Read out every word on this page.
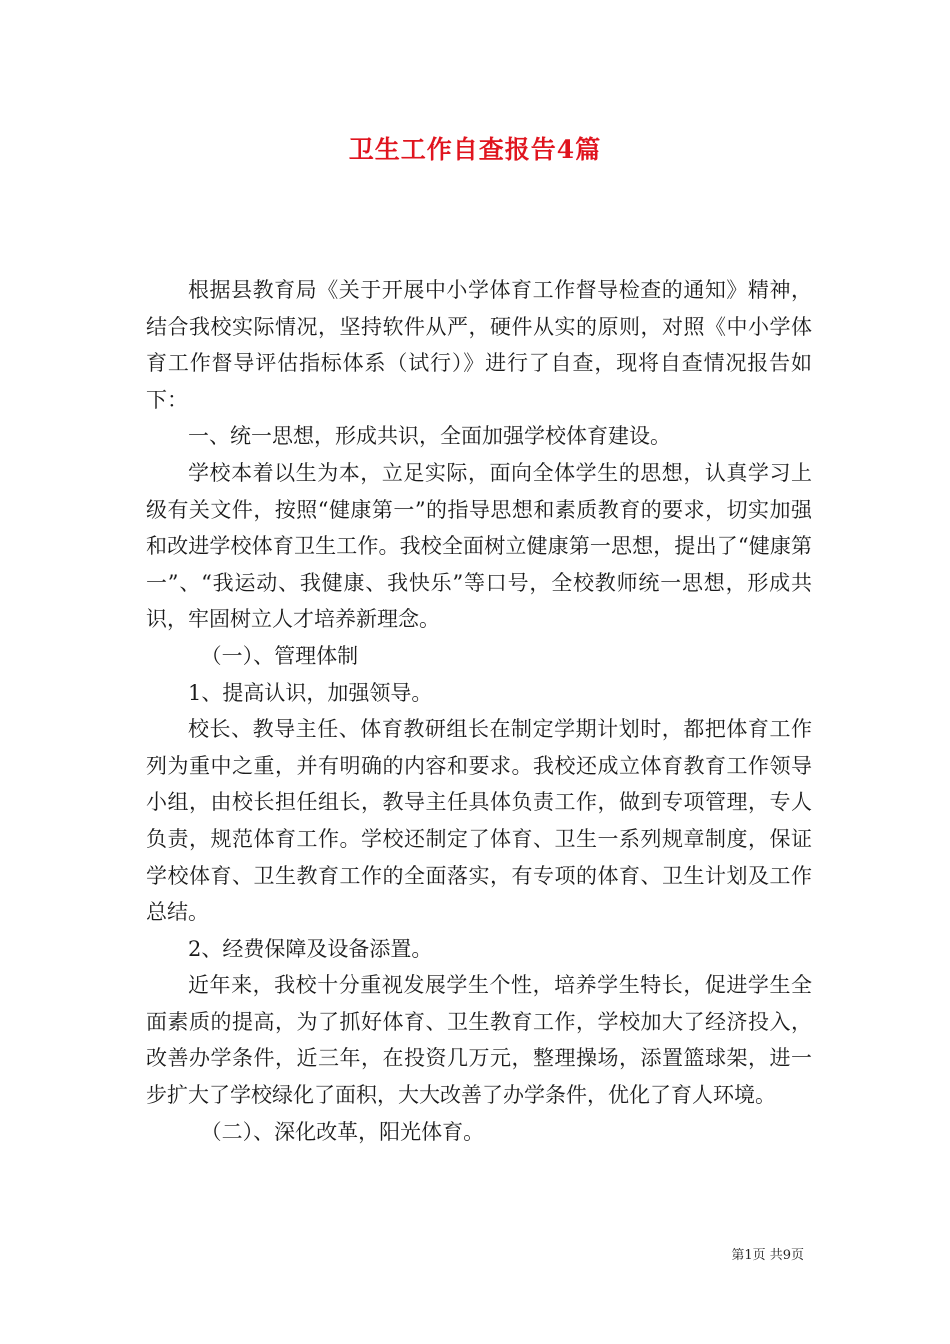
卫生工作自查报告4篇

根据县教育局《关于开展中小学体育工作督导检查的通知》精神，结合我校实际情况，坚持软件从严，硬件从实的原则，对照《中小学体育工作督导评估指标体系（试行）》进行了自查，现将自查情况报告如下：

一、统一思想，形成共识，全面加强学校体育建设。

学校本着以生为本，立足实际，面向全体学生的思想，认真学习上级有关文件，按照“健康第一”的指导思想和素质教育的要求，切实加强和改进学校体育卫生工作。我校全面树立健康第一思想，提出了“健康第一”、“我运动、我健康、我快乐”等口号，全校教师统一思想，形成共识，牢固树立人才培养新理念。

（一）、管理体制

1、提高认识，加强领导。

校长、教导主任、体育教研组长在制定学期计划时，都把体育工作列为重中之重，并有明确的内容和要求。我校还成立体育教育工作领导小组，由校长担任组长，教导主任具体负责工作，做到专项管理，专人负责，规范体育工作。学校还制定了体育、卫生一系列规章制度，保证学校体育、卫生教育工作的全面落实，有专项的体育、卫生计划及工作总结。

2、经费保障及设备添置。

近年来，我校十分重视发展学生个性，培养学生特长，促进学生全面素质的提高，为了抓好体育、卫生教育工作，学校加大了经济投入，改善办学条件，近三年，在投资几万元，整理操场，添置篮球架，进一步扩大了学校绿化了面积，大大改善了办学条件，优化了育人环境。

（二）、深化改革，阳光体育。

第1页 共9页
